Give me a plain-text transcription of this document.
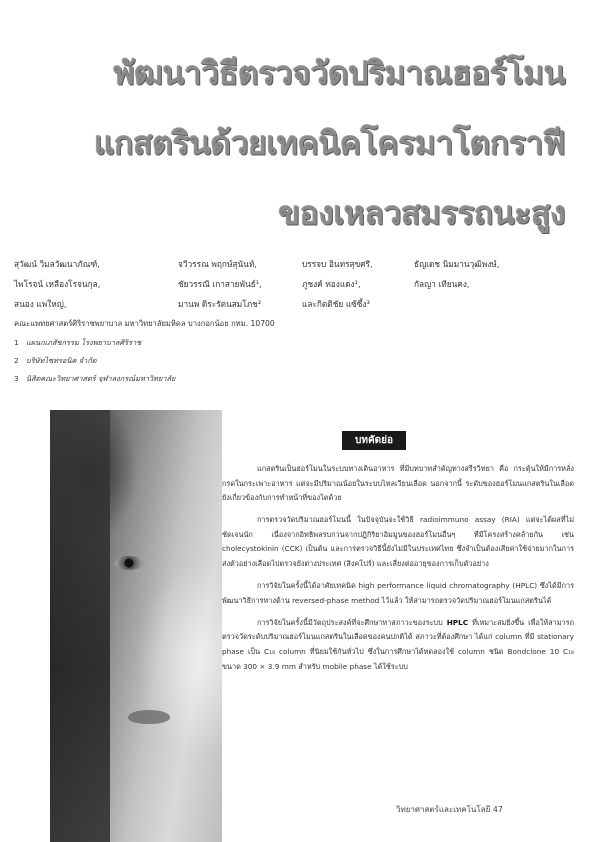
พัฒนาวิธีตรวจวัดปริมาณฮอร์โมน
แกสตรินด้วยเทคนิคโครมาโตกราฟี
ของเหลวสมรรถนะสูง
สุวัฒน์ วิมลวัฒนาภัณฑ์,	จวีวรรณ พฤกษ์สุนันท์,	บรรจบ อินทรสุขศรี,	ธัญเดช นิมมานวุฒิพงษ์,
ไพโรจน์ เหลืองโรจนกุล,	ชัยวรรณี เกาสายพันธ์¹,	ภูชงค์ ทองแดง¹,	กัลญา เทียนคง,
สนอง แพใหญ่,	มานพ ดิระรัตนสมโภช²	และกิตติชัย แซ้ซึ้ง³
คณะแพทยศาสตร์ศิริราชพยาบาล มหาวิทยาลัยมหิดล บางกอกน้อย กทม. 10700
1 แผนกเภสัชกรรม โรงพยาบาลศิริราช
2 บริษัทไซทรอนิค จำกัด
3 นิสิตคณะวิทยาศาสตร์ จุฬาลงกรณ์มหาวิทยาลัย
บทคัดย่อ

แกสตรินเป็นฮอร์โมนในระบบทางเดินอาหาร ที่มีบทบาทสำคัญทางสรีรวิทยา คือ กระตุ้นให้มีการหลั่งกรดในกระเพาะอาหาร แต่จะมีปริมาณน้อยในระบบไหลเวียนเลือด นอกจากนี้ ระดับของฮอร์โมนแกสตรินในเลือด ยังเกี่ยวข้องกับการทำหน้าที่ของไตด้วย

การตรวจวัดปริมาณฮอร์โมนนี้ ในปัจจุบันจะใช้วิธี radioimmuno assay (RIA) แต่จะได้ผลที่ไม่ชัดเจนนัก เนื่องจากอิทธิพลรบกวนจากปฏิกิริยาอิมมูนของฮอร์โมนอื่นๆ ที่มีโครงสร้างคล้ายกัน เช่น cholecystokinin (CCK) เป็นต้น และการตรวจวิธีนี้ยังไม่มีในประเทศไทย ซึ่งจำเป็นต้องเสียค่าใช้จ่ายมากในการส่งตัวอย่างเลือดไปตรวจยังต่างประเทศ (สิงคโปร์) และเสี่ยงต่ออายุของการเก็บตัวอย่าง

การวิจัยในครั้งนี้ได้อาศัยเทคนิค high performance liquid chromatography (HPLC) ซึ่งได้มีการพัฒนาวิธีการทางด้าน reversed-phase method ไว้แล้ว ให้สามารถตรวจวัดปริมาณฮอร์โมนแกสตรินได้

การวิจัยในครั้งนี้มีวัตถุประสงค์ที่จะศึกษาหาสภาวะของระบบ HPLC ที่เหมาะสมยิ่งขึ้น เพื่อให้สามารถตรวจวัดระดับปริมาณฮอร์โมนแกสตรินในเลือดของคนปกติได้ สภาวะที่ต้องศึกษา ได้แก่ column ที่มี stationary phase เป็น C₁₈ column ที่นิยมใช้กันทั่วไป ซึ่งในการศึกษาได้ทดลองใช้ column ชนิด Bondclone 10 C₁₈ ขนาด 300 × 3.9 mm สำหรับ mobile phase ได้ใช้ระบบ

วิทยาศาสตร์และเทคโนโลยี 47
